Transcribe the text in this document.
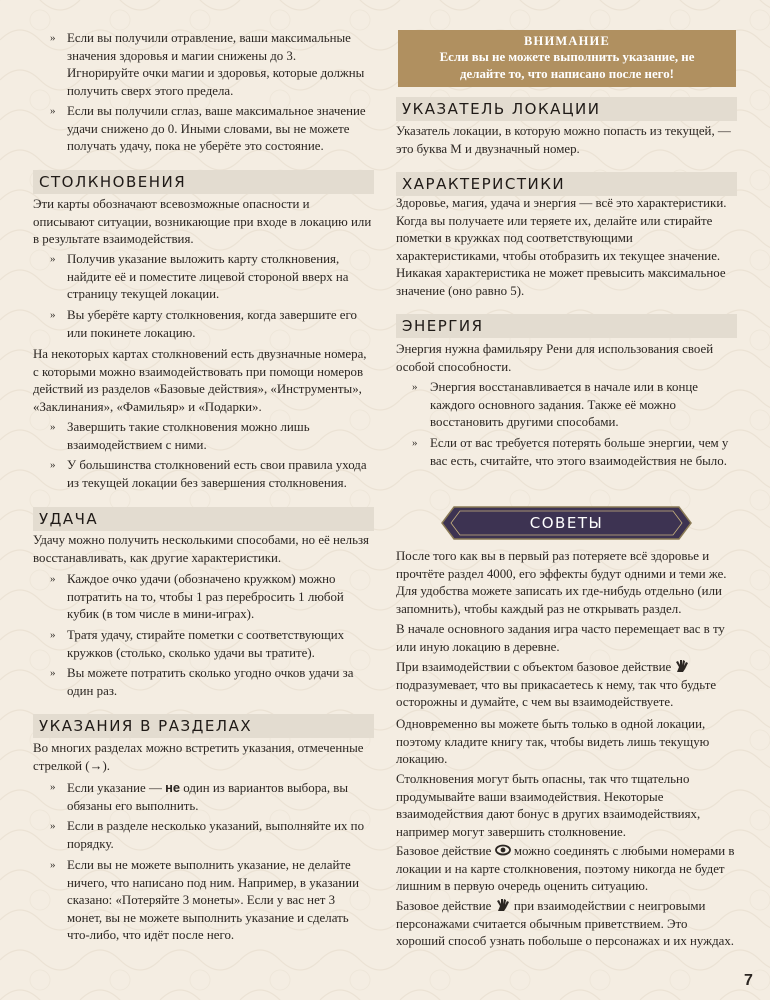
» Если вы получили отравление, ваши максимальные значения здоровья и магии снижены до 3. Игнорируйте очки магии и здоровья, которые должны получить сверх этого предела.

» Если вы получили сглаз, ваше максимальное значение удачи снижено до 0. Иными словами, вы не можете получать удачу, пока не уберёте это состояние.

СТОЛКНОВЕНИЯ

Эти карты обозначают всевозможные опасности и описывают ситуации, возникающие при входе в локацию или в результате взаимодействия.

» Получив указание выложить карту столкновения, найдите её и поместите лицевой стороной вверх на страницу текущей локации.

» Вы уберёте карту столкновения, когда завершите его или покинете локацию.

На некоторых картах столкновений есть двузначные номера, с которыми можно взаимодействовать при помощи номеров действий из разделов «Базовые действия», «Инструменты», «Заклинания», «Фамильяр» и «Подарки».

» Завершить такие столкновения можно лишь взаимодействием с ними.

» У большинства столкновений есть свои правила ухода из текущей локации без завершения столкновения.

УДАЧА

Удачу можно получить несколькими способами, но её нельзя восстанавливать, как другие характеристики.

» Каждое очко удачи (обозначено кружком) можно потратить на то, чтобы 1 раз перебросить 1 любой кубик (в том числе в мини-играх).

» Тратя удачу, стирайте пометки с соответствующих кружков (столько, сколько удачи вы тратите).

» Вы можете потратить сколько угодно очков удачи за один раз.

УКАЗАНИЯ В РАЗДЕЛАХ

Во многих разделах можно встретить указания, отмеченные стрелкой (→).

» Если указание — не один из вариантов выбора, вы обязаны его выполнить.

» Если в разделе несколько указаний, выполняйте их по порядку.

» Если вы не можете выполнить указание, не делайте ничего, что написано под ним. Например, в указании сказано: «Потеряйте 3 монеты». Если у вас нет 3 монет, вы не можете выполнить указание и сделать что-либо, что идёт после него.

ВНИМАНИЕ
Если вы не можете выполнить указание, не делайте то, что написано после него!
УКАЗАТЕЛЬ ЛОКАЦИИ

Указатель локации, в которую можно попасть из текущей, — это буква М и двузначный номер.

ХАРАКТЕРИСТИКИ

Здоровье, магия, удача и энергия — всё это характеристики. Когда вы получаете или теряете их, делайте или стирайте пометки в кружках под соответствующими характеристиками, чтобы отобразить их текущее значение. Никакая характеристика не может превысить максимальное значение (оно равно 5).

ЭНЕРГИЯ

Энергия нужна фамильяру Рени для использования своей особой способности.

» Энергия восстанавливается в начале или в конце каждого основного задания. Также её можно восстановить другими способами.

» Если от вас требуется потерять больше энергии, чем у вас есть, считайте, что этого взаимодействия не было.

СОВЕТЫ

После того как вы в первый раз потеряете всё здоровье и прочтёте раздел 4000, его эффекты будут одними и теми же. Для удобства можете записать их где-нибудь отдельно (или запомнить), чтобы каждый раз не открывать раздел.

В начале основного задания игра часто перемещает вас в ту или иную локацию в деревне.

При взаимодействии с объектом базовое действие  подразумевает, что вы прикасаетесь к нему, так что будьте осторожны и думайте, с чем вы взаимодействуете.

Одновременно вы можете быть только в одной локации, поэтому кладите книгу так, чтобы видеть лишь текущую локацию.

Столкновения могут быть опасны, так что тщательно продумывайте ваши взаимодействия. Некоторые взаимодействия дают бонус в других взаимодействиях, например могут завершить столкновение.

Базовое действие можно соединять с любыми номерами в локации и на карте столкновения, поэтому никогда не будет лишним в первую очередь оценить ситуацию.

Базовое действие при взаимодействии с неигровыми персонажами считается обычным приветствием. Это хороший способ узнать побольше о персонажах и их нуждах.

7
